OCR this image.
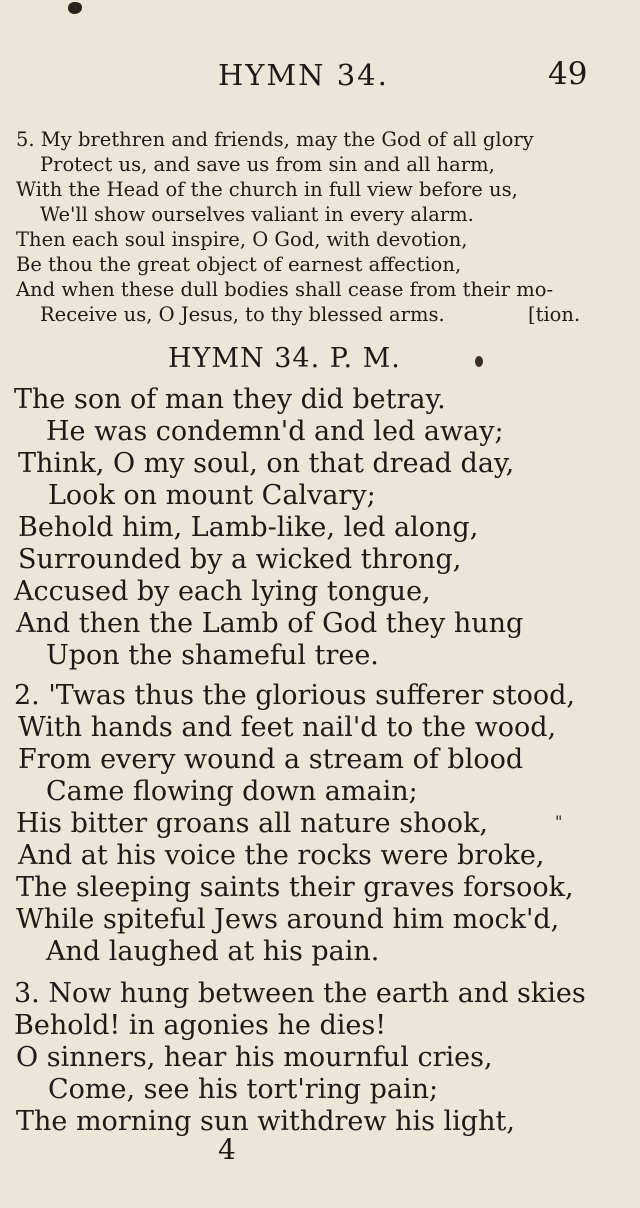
HYMN 34.	49
5. My brethren and friends, may the God of all glory
Protect us, and save us from sin and all harm,
With the Head of the church in full view before us,
We'll show ourselves valiant in every alarm.
Then each soul inspire, O God, with devotion,
Be thou the great object of earnest affection,
And when these dull bodies shall cease from their mo-
Receive us, O Jesus, to thy blessed arms.	[tion.
HYMN 34. P. M.
The son of man they did betray.
He was condemn'd and led away;
Think, O my soul, on that dread day,
Look on mount Calvary;
Behold him, Lamb-like, led along,
Surrounded by a wicked throng,
Accused by each lying tongue,
And then the Lamb of God they hung
Upon the shameful tree.
2. 'Twas thus the glorious sufferer stood,
With hands and feet nail'd to the wood,
From every wound a stream of blood
Came flowing down amain;
His bitter groans all nature shook,
And at his voice the rocks were broke,
The sleeping saints their graves forsook,
While spiteful Jews around him mock'd,
And laughed at his pain.
"
3. Now hung between the earth and skies
Behold! in agonies he dies!
O sinners, hear his mournful cries,
Come, see his tort'ring pain;
The morning sun withdrew his light,
4
